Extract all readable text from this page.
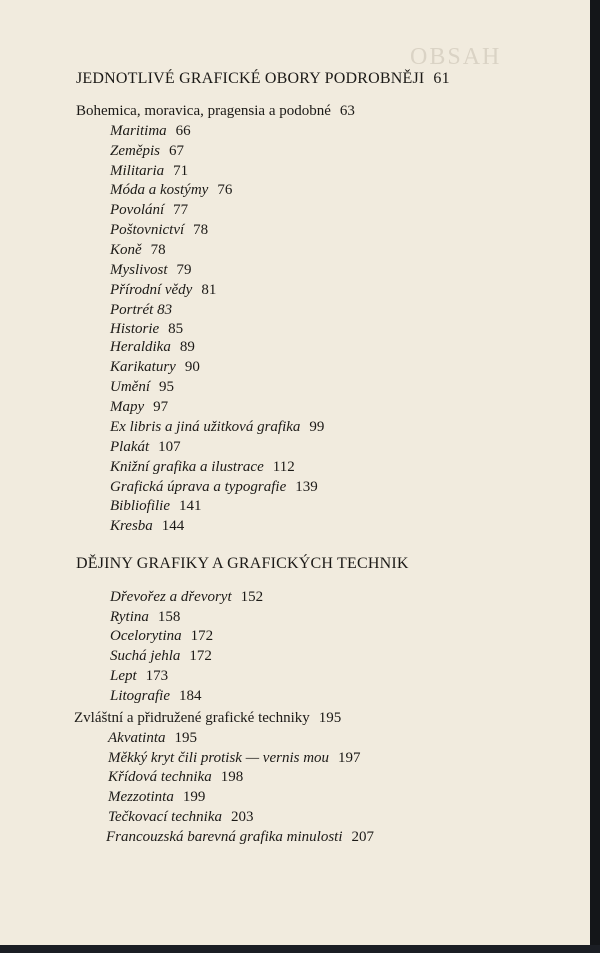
OBSAH
JEDNOTLIVÉ GRAFICKÉ OBORY PODROBNĚJI 61
Bohemica, moravica, pragensia a podobné 63
Maritima 66
Zeměpis 67
Militaria 71
Móda a kostýmy 76
Povolání 77
Poštovnictví 78
Koně 78
Myslivost 79
Přírodní vědy 81
Portrét 83
Historie 85
Heraldika 89
Karikatury 90
Umění 95
Mapy 97
Ex libris a jiná užitková grafika 99
Plakát 107
Knižní grafika a ilustrace 112
Grafická úprava a typografie 139
Bibliofilie 141
Kresba 144
DĚJINY GRAFIKY A GRAFICKÝCH TECHNIK
Dřevořez a dřevoryt 152
Rytina 158
Ocelorytina 172
Suchá jehla 172
Lept 173
Litografie 184
Zvláštní a přidružené grafické techniky 195
Akvatinta 195
Měkký kryt čili protisk — vernis mou 197
Křídová technika 198
Mezzotinta 199
Tečkovací technika 203
Francouzská barevná grafika minulosti 207
